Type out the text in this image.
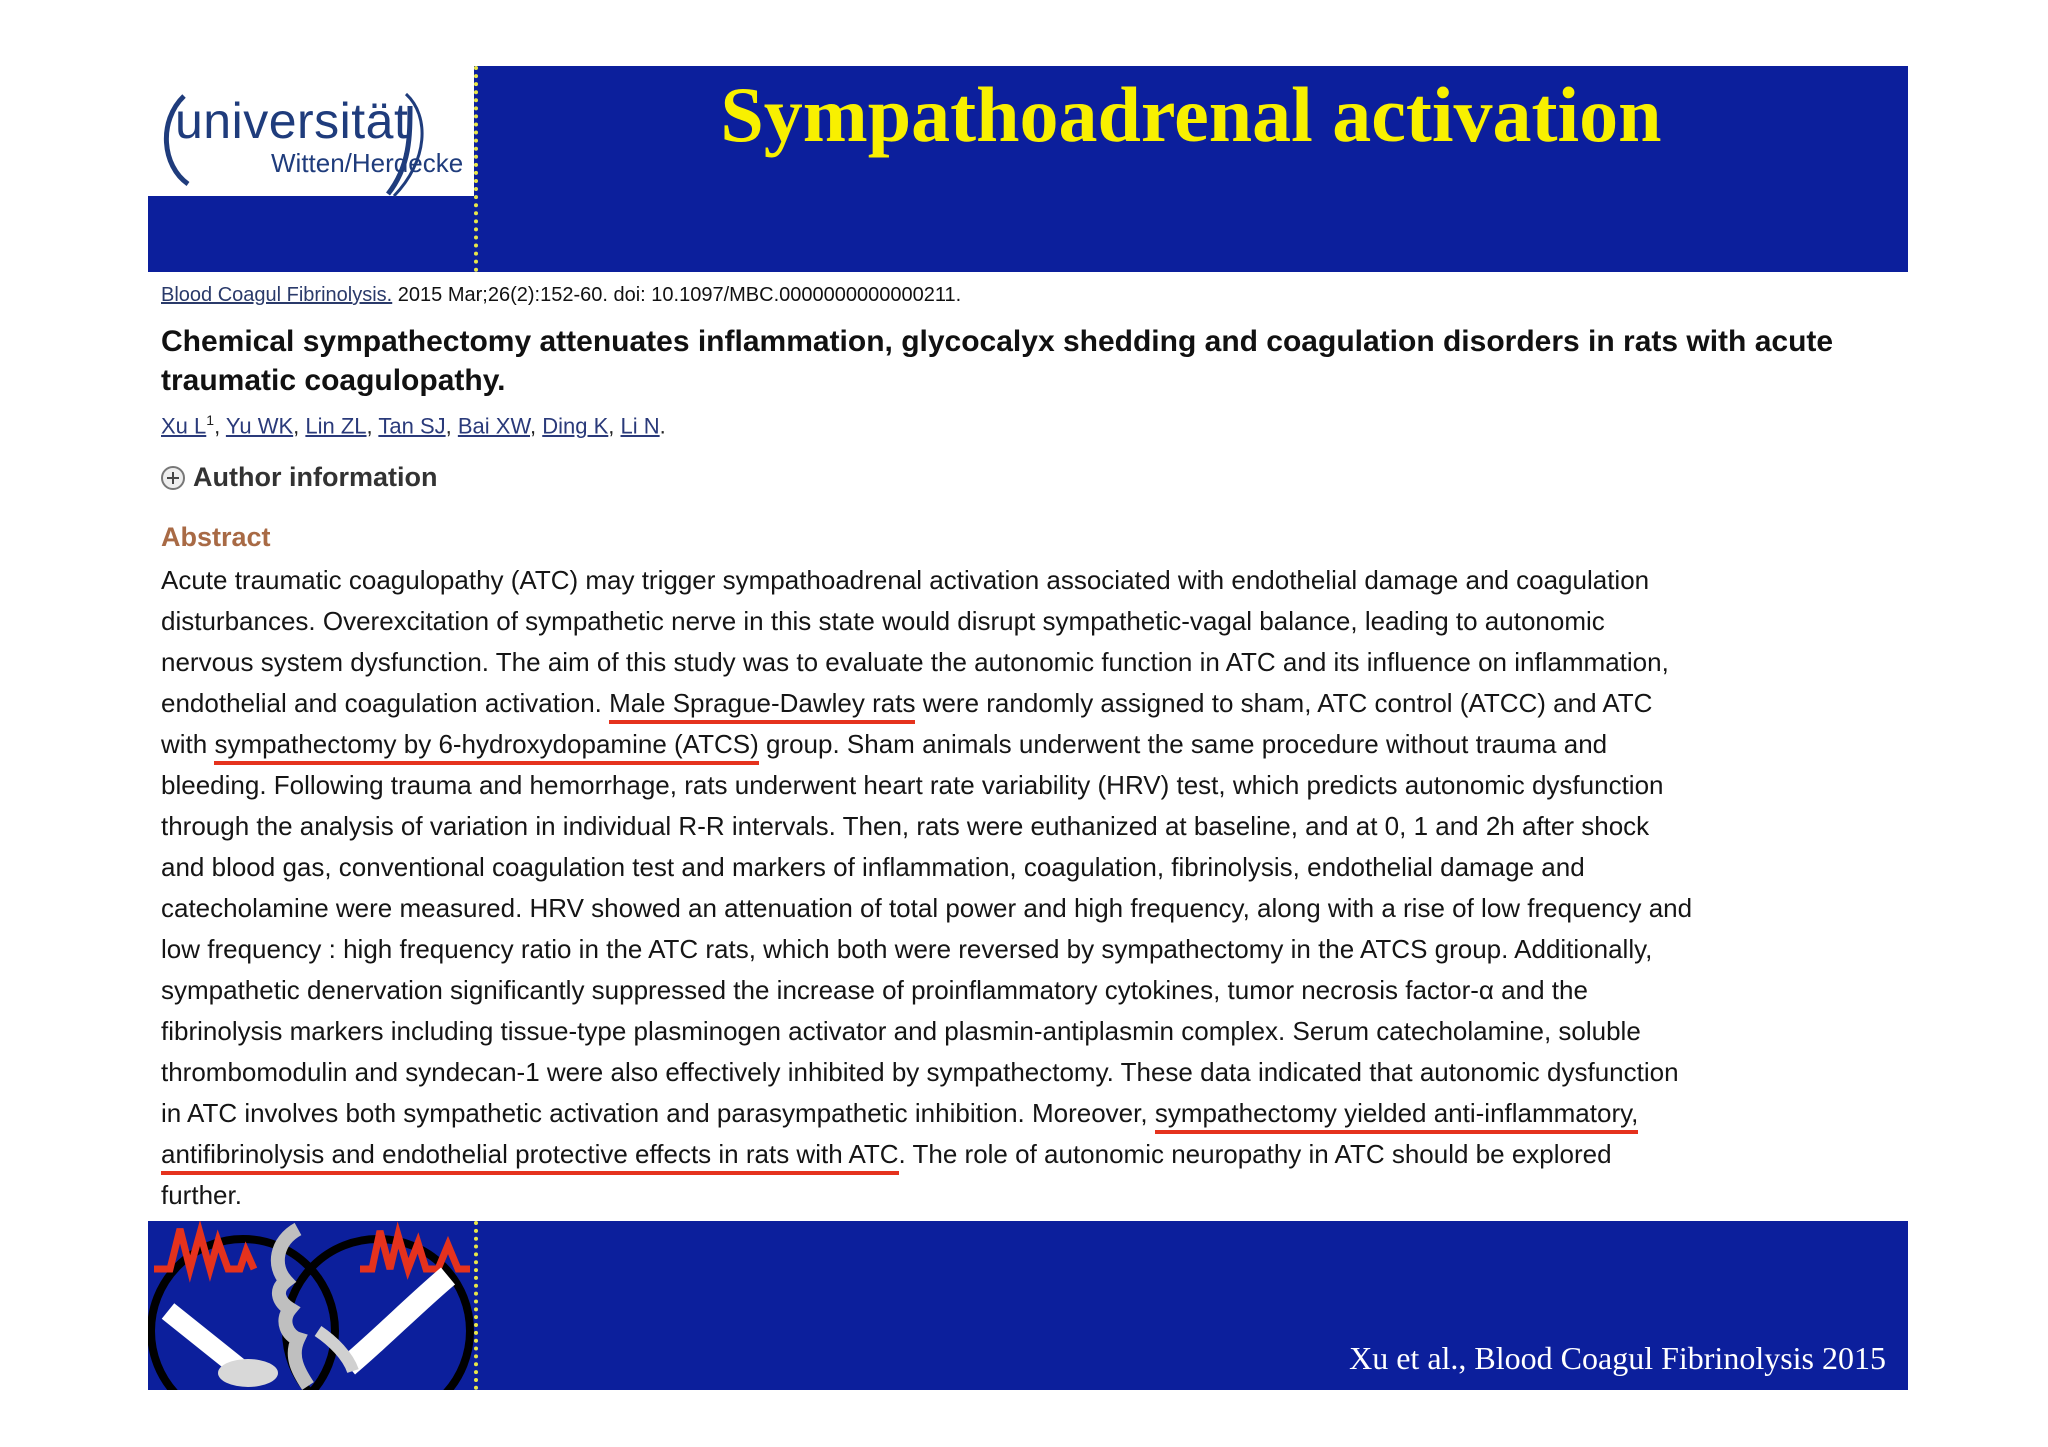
universität
Witten/Herdecke
Sympathoadrenal activation
Blood Coagul Fibrinolysis. 2015 Mar;26(2):152-60. doi: 10.1097/MBC.0000000000000211.
Chemical sympathectomy attenuates inflammation, glycocalyx shedding and coagulation disorders in rats with acute traumatic coagulopathy.
Xu $L^1$, Yu WK, Lin ZL, Tan SJ, Bai XW, Ding K, Li N.
Author information
Abstract
Acute traumatic coagulopathy (ATC) may trigger sympathoadrenal activation associated with endothelial damage and coagulation
disturbances. Overexcitation of sympathetic nerve in this state would disrupt sympathetic-vagal balance, leading to autonomic
nervous system dysfunction. The aim of this study was to evaluate the autonomic function in ATC and its influence on inflammation,
endothelial and coagulation activation. Male Sprague-Dawley rats were randomly assigned to sham, ATC control (ATCC) and ATC
with sympathectomy by 6-hydroxydopamine (ATCS) group. Sham animals underwent the same procedure without trauma and
bleeding. Following trauma and hemorrhage, rats underwent heart rate variability (HRV) test, which predicts autonomic dysfunction
through the analysis of variation in individual R-R intervals. Then, rats were euthanized at baseline, and at 0, 1 and 2h after shock
and blood gas, conventional coagulation test and markers of inflammation, coagulation, fibrinolysis, endothelial damage and
catecholamine were measured. HRV showed an attenuation of total power and high frequency, along with a rise of low frequency and
low frequency : high frequency ratio in the ATC rats, which both were reversed by sympathectomy in the ATCS group. Additionally,
sympathetic denervation significantly suppressed the increase of proinflammatory cytokines, tumor necrosis factor-α and the
fibrinolysis markers including tissue-type plasminogen activator and plasmin-antiplasmin complex. Serum catecholamine, soluble
thrombomodulin and syndecan-1 were also effectively inhibited by sympathectomy. These data indicated that autonomic dysfunction
in ATC involves both sympathetic activation and parasympathetic inhibition. Moreover, sympathectomy yielded anti-inflammatory,
antifibrinolysis and endothelial protective effects in rats with ATC. The role of autonomic neuropathy in ATC should be explored
further.
Xu et al., Blood Coagul Fibrinolysis 2015
